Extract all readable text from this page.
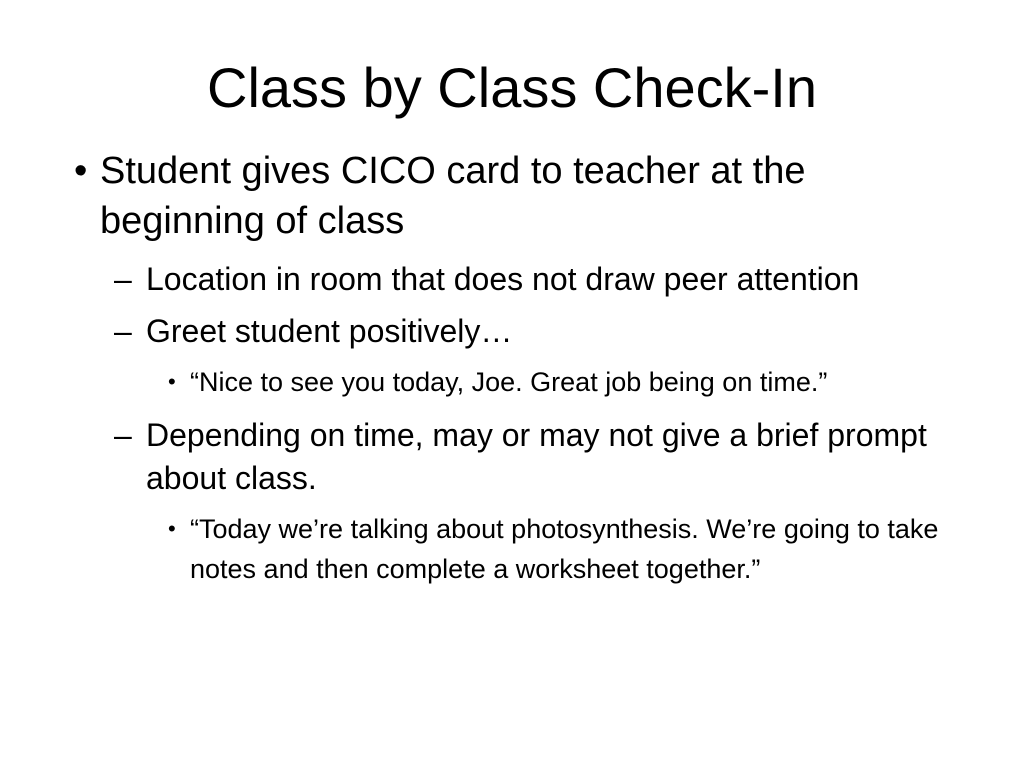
Class by Class Check-In
• Student gives CICO card to teacher at the beginning of class
– Location in room that does not draw peer attention
– Greet student positively…
• “Nice to see you today, Joe. Great job being on time.”
– Depending on time, may or may not give a brief prompt about class.
• “Today we’re talking about photosynthesis. We’re going to take notes and then complete a worksheet together.”
